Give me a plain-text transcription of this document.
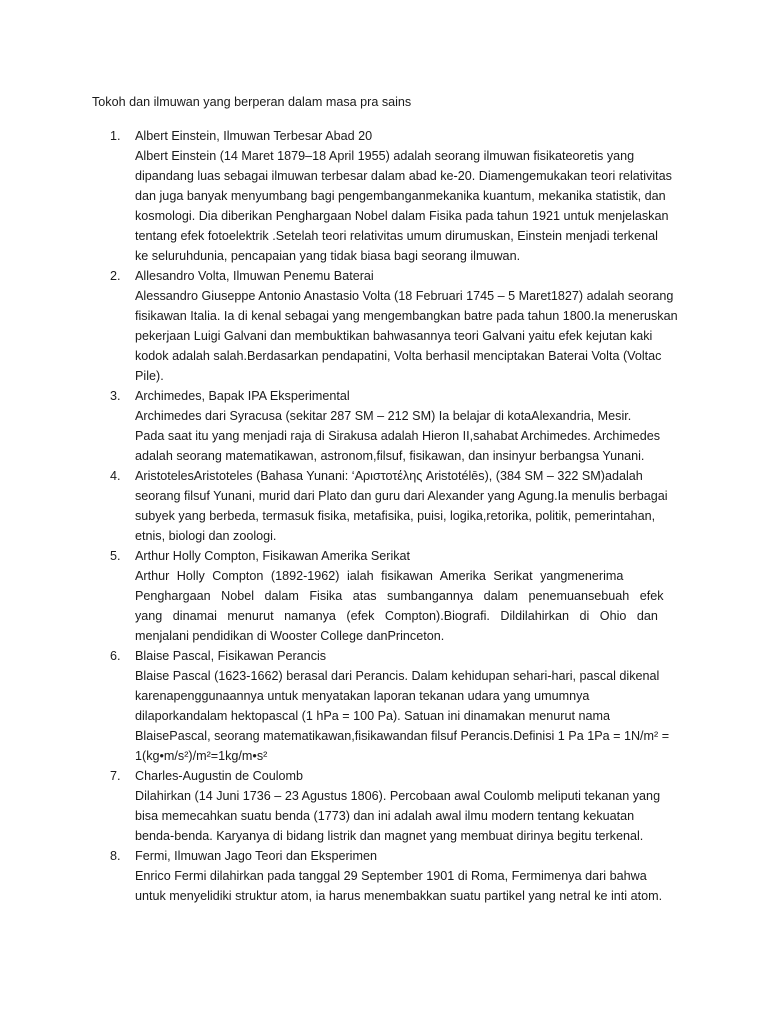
Tokoh dan ilmuwan yang berperan dalam masa pra sains
1. Albert Einstein, Ilmuwan Terbesar Abad 20
Albert Einstein (14 Maret 1879–18 April 1955) adalah seorang ilmuwan fisikateoretis yang
dipandang luas sebagai ilmuwan terbesar dalam abad ke-20. Diamengemukakan teori relativitas
dan juga banyak menyumbang bagi pengembanganmekanika kuantum, mekanika statistik, dan
kosmologi. Dia diberikan Penghargaan Nobel dalam Fisika pada tahun 1921 untuk menjelaskan
tentang efek fotoelektrik .Setelah teori relativitas umum dirumuskan, Einstein menjadi terkenal
ke seluruhdunia, pencapaian yang tidak biasa bagi seorang ilmuwan.
2. Allesandro Volta, Ilmuwan Penemu Baterai
Alessandro Giuseppe Antonio Anastasio Volta (18 Februari 1745 – 5 Maret1827) adalah seorang
fisikawan Italia. Ia di kenal sebagai yang mengembangkan batre pada tahun 1800.Ia meneruskan
pekerjaan Luigi Galvani dan membuktikan bahwasannya teori Galvani yaitu efek kejutan kaki
kodok adalah salah.Berdasarkan pendapatini, Volta berhasil menciptakan Baterai Volta (Voltac
Pile).
3. Archimedes, Bapak IPA Eksperimental
Archimedes dari Syracusa (sekitar 287 SM – 212 SM) Ia belajar di kotaAlexandria, Mesir.
Pada saat itu yang menjadi raja di Sirakusa adalah Hieron II,sahabat Archimedes. Archimedes
adalah seorang matematikawan, astronom,filsuf, fisikawan, dan insinyur berbangsa Yunani.
4. AristotelesAristoteles (Bahasa Yunani: ‘Αριστοτέλης Aristotélēs), (384 SM – 322 SM)adalah
seorang filsuf Yunani, murid dari Plato dan guru dari Alexander yang Agung.Ia menulis berbagai
subyek yang berbeda, termasuk fisika, metafisika, puisi, logika,retorika, politik, pemerintahan,
etnis, biologi dan zoologi.
5. Arthur Holly Compton, Fisikawan Amerika Serikat
Arthur Holly Compton (1892-1962) ialah fisikawan Amerika Serikat yangmenerima
Penghargaan Nobel dalam Fisika atas sumbangannya dalam penemuansebuah efek
yang dinamai menurut namanya (efek Compton).Biografi. Dildilahirkan di Ohio dan
menjalani pendidikan di Wooster College danPrinceton.
6. Blaise Pascal, Fisikawan Perancis
Blaise Pascal (1623-1662) berasal dari Perancis. Dalam kehidupan sehari-hari, pascal dikenal
karenapenggunaannya untuk menyatakan laporan tekanan udara yang umumnya
dilaporkandalam hektopascal (1 hPa = 100 Pa). Satuan ini dinamakan menurut nama
BlaisePascal, seorang matematikawan,fisikawandan filsuf Perancis.Definisi 1 Pa 1Pa = 1N/m² =
1(kg•m/s²)/m²=1kg/m•s²
7. Charles-Augustin de Coulomb
Dilahirkan (14 Juni 1736 – 23 Agustus 1806). Percobaan awal Coulomb meliputi tekanan yang
bisa memecahkan suatu benda (1773) dan ini adalah awal ilmu modern tentang kekuatan
benda-benda. Karyanya di bidang listrik dan magnet yang membuat dirinya begitu terkenal.
8. Fermi, Ilmuwan Jago Teori dan Eksperimen
Enrico Fermi dilahirkan pada tanggal 29 September 1901 di Roma, Fermimenya dari bahwa
untuk menyelidiki struktur atom, ia harus menembakkan suatu partikel yang netral ke inti atom.
